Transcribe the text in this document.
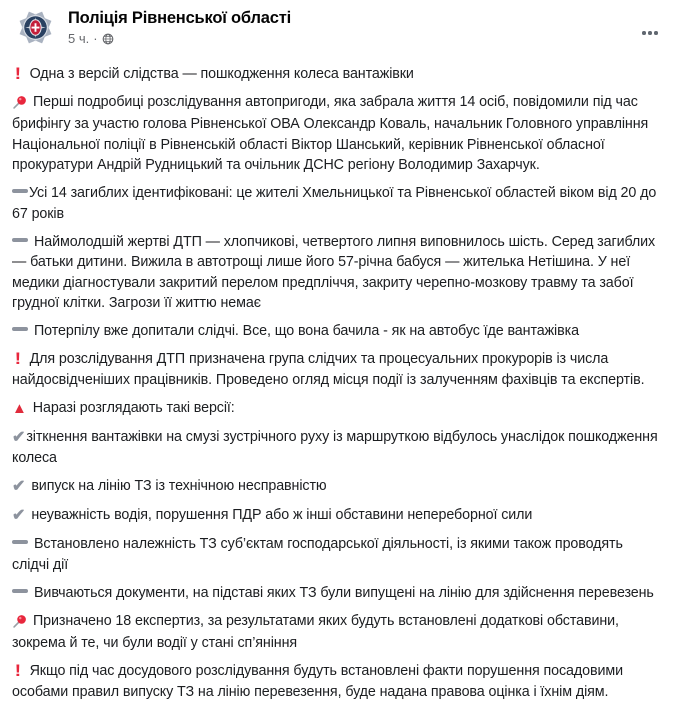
Поліція Рівненської області
5 ч. ·

! Одна з версій слідства — пошкодження колеса вантажівки

Перші подробиці розслідування автопригоди, яка забрала життя 14 осіб, повідомили під час брифінгу за участю голова Рівненської ОВА Олександр Коваль, начальник Головного управління Національної поліції в Рівненській області Віктор Шанський, керівник Рівненської обласної прокуратури Андрій Рудницький та очільник ДСНС регіону Володимир Захарчук.

Усі 14 загиблих ідентифіковані: це жителі Хмельницької та Рівненської областей віком від 20 до 67 років

Наймолодшій жертві ДТП — хлопчикові, четвертого липня виповнилось шість. Серед загиблих — батьки дитини. Вижила в автотрощі лише його 57-річна бабуся — жителька Нетішина. У неї медики діагностували закритий перелом предпліччя, закриту черепно-мозкову травму та забої грудної клітки. Загрози її життю немає

Потерпілу вже допитали слідчі. Все, що вона бачила - як на автобус їде вантажівка

! Для розслідування ДТП призначена група слідчих та процесуальних прокурорів із числа найдосвідченіших працівників. Проведено огляд місця події із залученням фахівців та експертів.

▲ Наразі розглядають такі версії:

✔зіткнення вантажівки на смузі зустрічного руху із маршруткою відбулось унаслідок пошкодження колеса

✔ випуск на лінію ТЗ із технічною несправністю

✔ неуважність водія, порушення ПДР або ж інші обставини непереборної сили

Встановлено належність ТЗ суб’єктам господарської діяльності, із якими також проводять слідчі дії

Вивчаються документи, на підставі яких ТЗ були випущені на лінію для здійснення перевезень

Призначено 18 експертиз, за результатами яких будуть встановлені додаткові обставини, зокрема й те, чи були водії у стані сп’яніння

! Якщо під час досудового розслідування будуть встановлені факти порушення посадовими особами правил випуску ТЗ на лінію перевезення, буде надана правова оцінка і їхнім діям.
